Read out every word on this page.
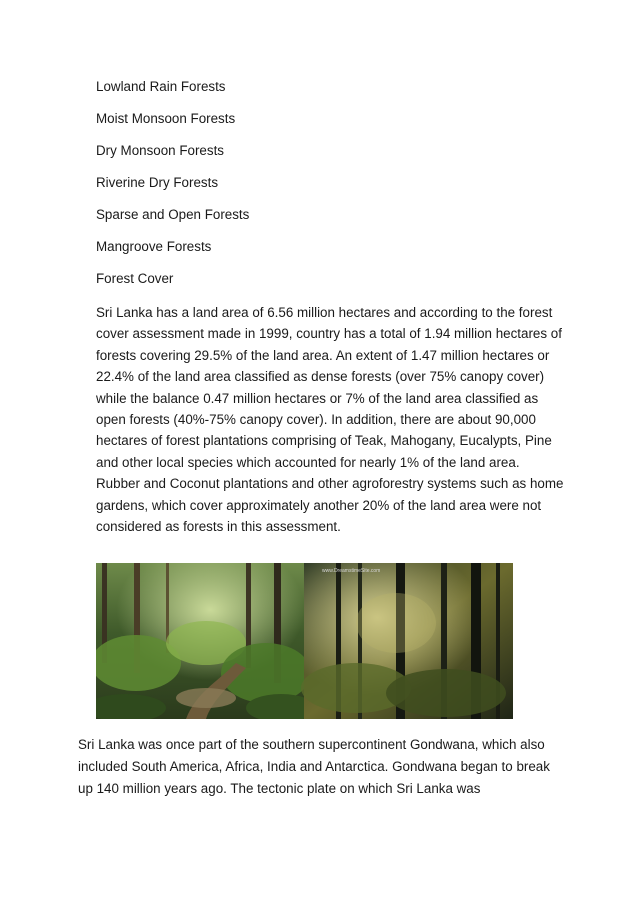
Lowland Rain Forests
Moist Monsoon Forests
Dry Monsoon Forests
Riverine Dry Forests
Sparse and Open Forests
Mangroove Forests
Forest Cover

Sri Lanka has a land area of 6.56 million hectares and according to the forest cover assessment made in 1999, country has a total of 1.94 million hectares of forests covering 29.5% of the land area. An extent of 1.47 million hectares or 22.4% of the land area classified as dense forests (over 75% canopy cover) while the balance 0.47 million hectares or 7% of the land area classified as open forests (40%-75% canopy cover). In addition, there are about 90,000 hectares of forest plantations comprising of Teak, Mahogany, Eucalypts, Pine and other local species which accounted for nearly 1% of the land area. Rubber and Coconut plantations and other agroforestry systems such as home gardens, which cover approximately another 20% of the land area were not considered as forests in this assessment.

www.DreamstimeSite.com

Sri Lanka was once part of the southern supercontinent Gondwana, which also included South America, Africa, India and Antarctica. Gondwana began to break up 140 million years ago. The tectonic plate on which Sri Lanka was
